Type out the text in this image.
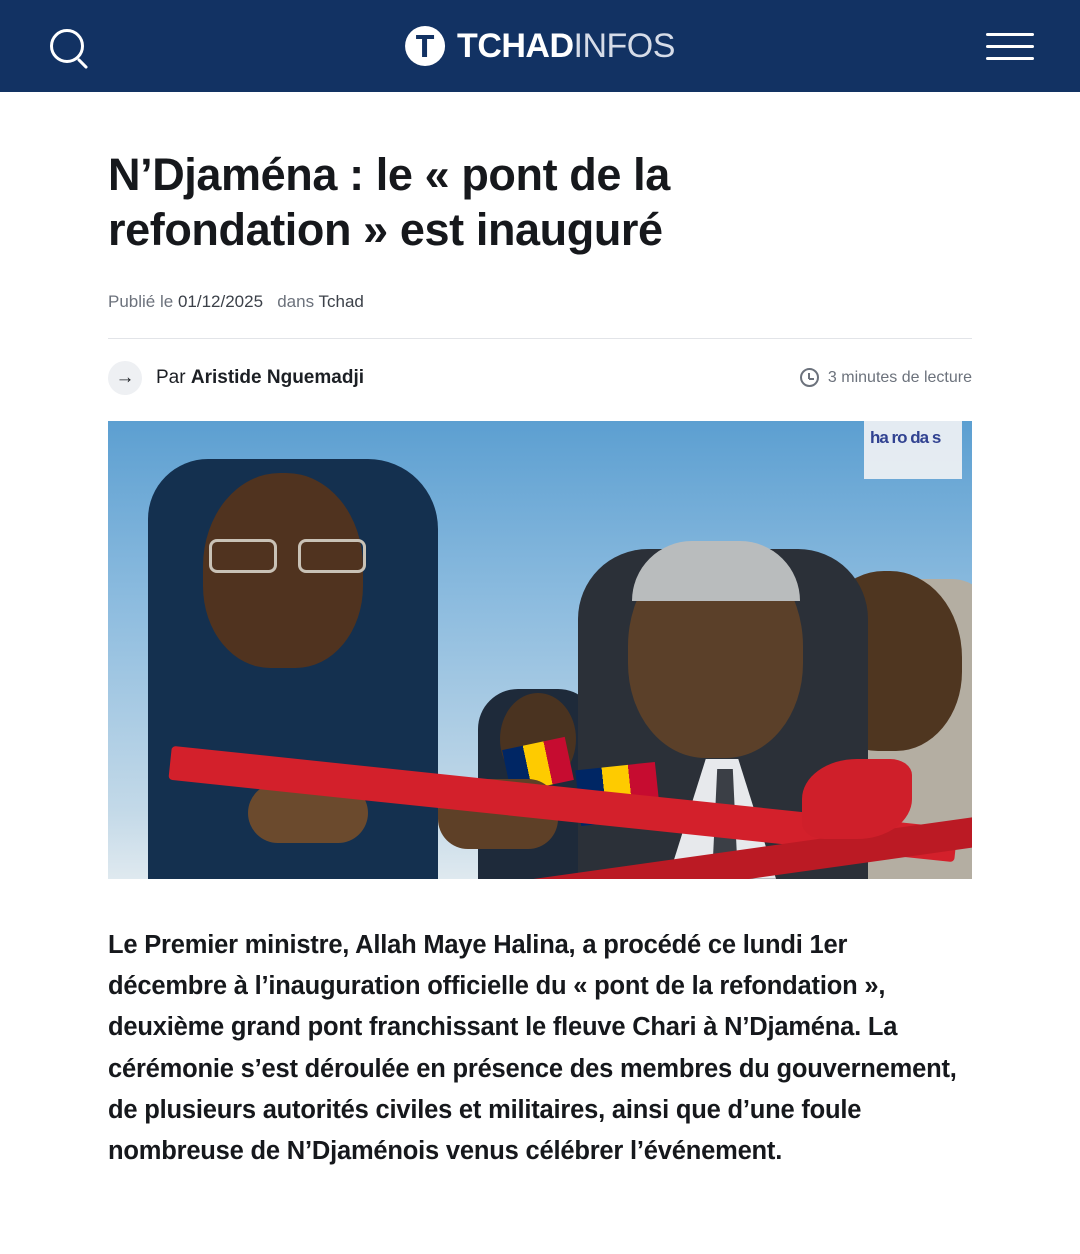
TCHADINFOS
N’Djaména : le « pont de la refondation » est inauguré
Publié le 01/12/2025 dans Tchad
→	Par Aristide Nguemadji	3 minutes de lecture
ha ro da s

Le Premier ministre, Allah Maye Halina, a procédé ce lundi 1er décembre à l’inauguration officielle du « pont de la refondation », deuxième grand pont franchissant le fleuve Chari à N’Djaména. La cérémonie s’est déroulée en présence des membres du gouvernement, de plusieurs autorités civiles et militaires, ainsi que d’une foule nombreuse de N’Djaménois venus célébrer l’événement.
